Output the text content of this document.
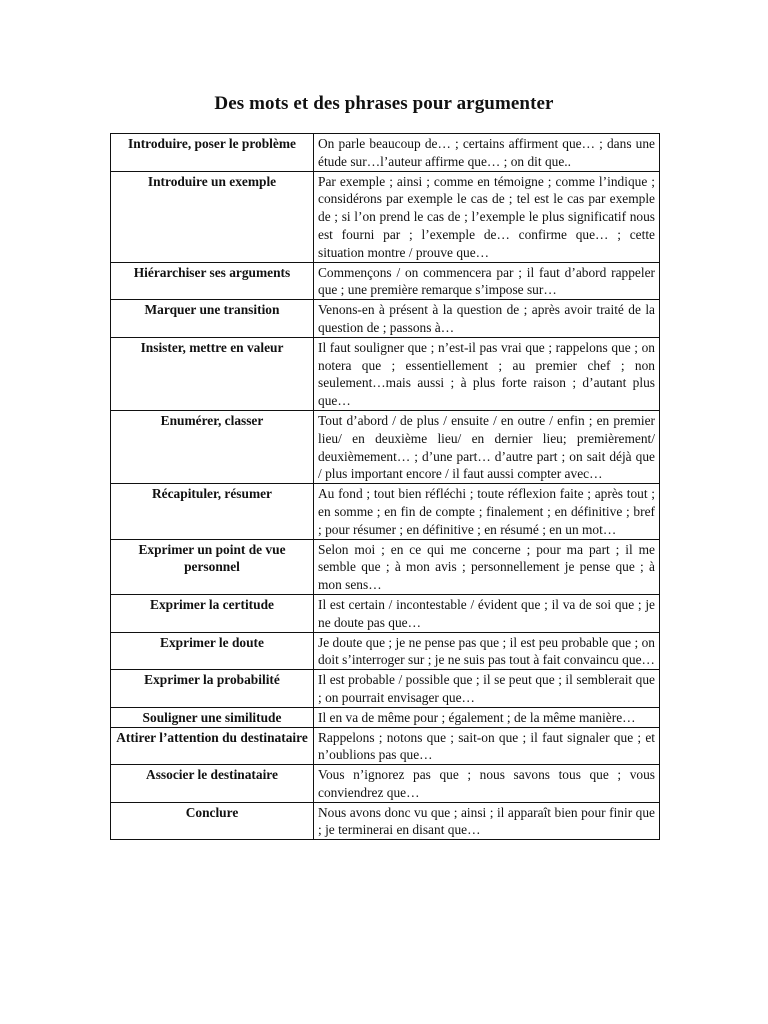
Des mots et des phrases pour argumenter
Introduire, poser le problème	On parle beaucoup de… ; certains affirment que… ; dans une étude sur…l’auteur affirme que… ; on dit que..
Introduire un exemple	Par exemple ; ainsi ; comme en témoigne ; comme l’indique ; considérons par exemple le cas de ; tel est le cas par exemple de ; si l’on prend le cas de ; l’exemple le plus significatif nous est fourni par ; l’exemple de… confirme que… ; cette situation montre / prouve que…
Hiérarchiser ses arguments	Commençons / on commencera par ; il faut d’abord rappeler que ; une première remarque s’impose sur…
Marquer une transition	Venons-en à présent à la question de ; après avoir traité de la question de ; passons à…
Insister, mettre en valeur	Il faut souligner que ; n’est-il pas vrai que ; rappelons que ; on notera que ; essentiellement ; au premier chef ; non seulement…mais aussi ; à plus forte raison ; d’autant plus que…
Enumérer, classer	Tout d’abord / de plus / ensuite / en outre / enfin ; en premier lieu/ en deuxième lieu/ en dernier lieu; premièrement/ deuxièmement… ; d’une part… d’autre part ; on sait déjà que / plus important encore / il faut aussi compter avec…
Récapituler, résumer	Au fond ; tout bien réfléchi ; toute réflexion faite ; après tout ; en somme ; en fin de compte ; finalement ; en définitive ; bref ; pour résumer ; en définitive ; en résumé ; en un mot…
Exprimer un point de vue personnel	Selon moi ; en ce qui me concerne ; pour ma part ; il me semble que ; à mon avis ; personnellement je pense que ; à mon sens…
Exprimer la certitude	Il est certain / incontestable / évident que ; il va de soi que ; je ne doute pas que…
Exprimer le doute	Je doute que ; je ne pense pas que ; il est peu probable que ; on doit s’interroger sur ; je ne suis pas tout à fait convaincu que…
Exprimer la probabilité	Il est probable / possible que ; il se peut que ; il semblerait que ; on pourrait envisager que…
Souligner une similitude	Il en va de même pour ; également ; de la même manière…
Attirer l’attention du destinataire	Rappelons ; notons que ; sait-on que ; il faut signaler que ; et n’oublions pas que…
Associer le destinataire	Vous n’ignorez pas que ; nous savons tous que ; vous conviendrez que…
Conclure	Nous avons donc vu que ; ainsi ; il apparaît bien pour finir que ; je terminerai en disant que…
